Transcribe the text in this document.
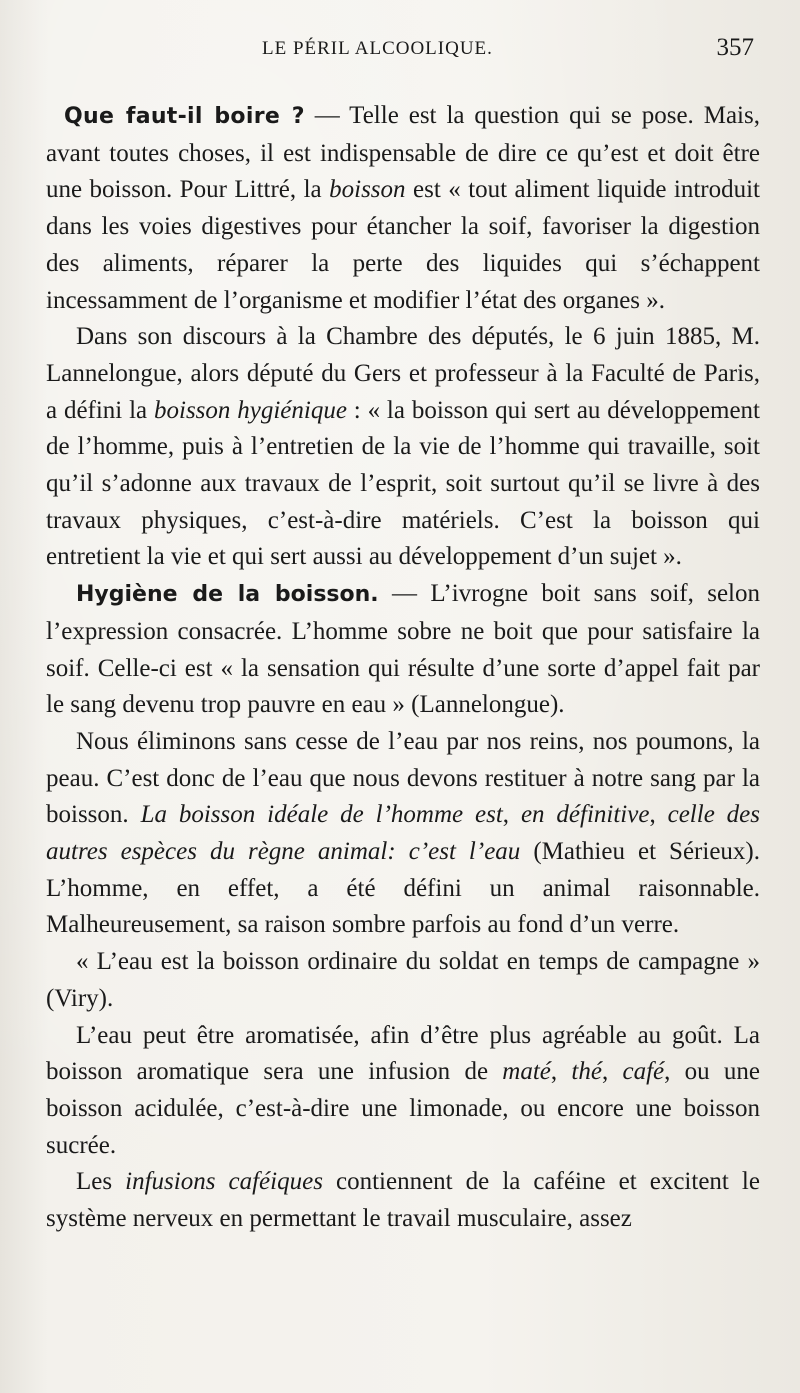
LE PÉRIL ALCOOLIQUE.	357

Que faut-il boire ? — Telle est la question qui se pose. Mais, avant toutes choses, il est indispensable de dire ce qu’est et doit être une boisson. Pour Littré, la boisson est « tout aliment liquide introduit dans les voies digestives pour étancher la soif, favoriser la digestion des aliments, réparer la perte des liquides qui s’échappent incessamment de l’organisme et modifier l’état des organes ».

Dans son discours à la Chambre des députés, le 6 juin 1885, M. Lannelongue, alors député du Gers et professeur à la Faculté de Paris, a défini la boisson hygiénique : « la boisson qui sert au développement de l’homme, puis à l’entretien de la vie de l’homme qui travaille, soit qu’il s’adonne aux travaux de l’esprit, soit surtout qu’il se livre à des travaux physiques, c’est-à-dire matériels. C’est la boisson qui entretient la vie et qui sert aussi au développement d’un sujet ».

Hygiène de la boisson. — L’ivrogne boit sans soif, selon l’expression consacrée. L’homme sobre ne boit que pour satisfaire la soif. Celle-ci est « la sensation qui résulte d’une sorte d’appel fait par le sang devenu trop pauvre en eau » (Lannelongue).

Nous éliminons sans cesse de l’eau par nos reins, nos poumons, la peau. C’est donc de l’eau que nous devons restituer à notre sang par la boisson. La boisson idéale de l’homme est, en définitive, celle des autres espèces du règne animal: c’est l’eau (Mathieu et Sérieux). L’homme, en effet, a été défini un animal raisonnable. Malheureusement, sa raison sombre parfois au fond d’un verre.

« L’eau est la boisson ordinaire du soldat en temps de campagne » (Viry).

L’eau peut être aromatisée, afin d’être plus agréable au goût. La boisson aromatique sera une infusion de maté, thé, café, ou une boisson acidulée, c’est-à-dire une limonade, ou encore une boisson sucrée.

Les infusions caféiques contiennent de la caféine et excitent le système nerveux en permettant le travail musculaire, assez
